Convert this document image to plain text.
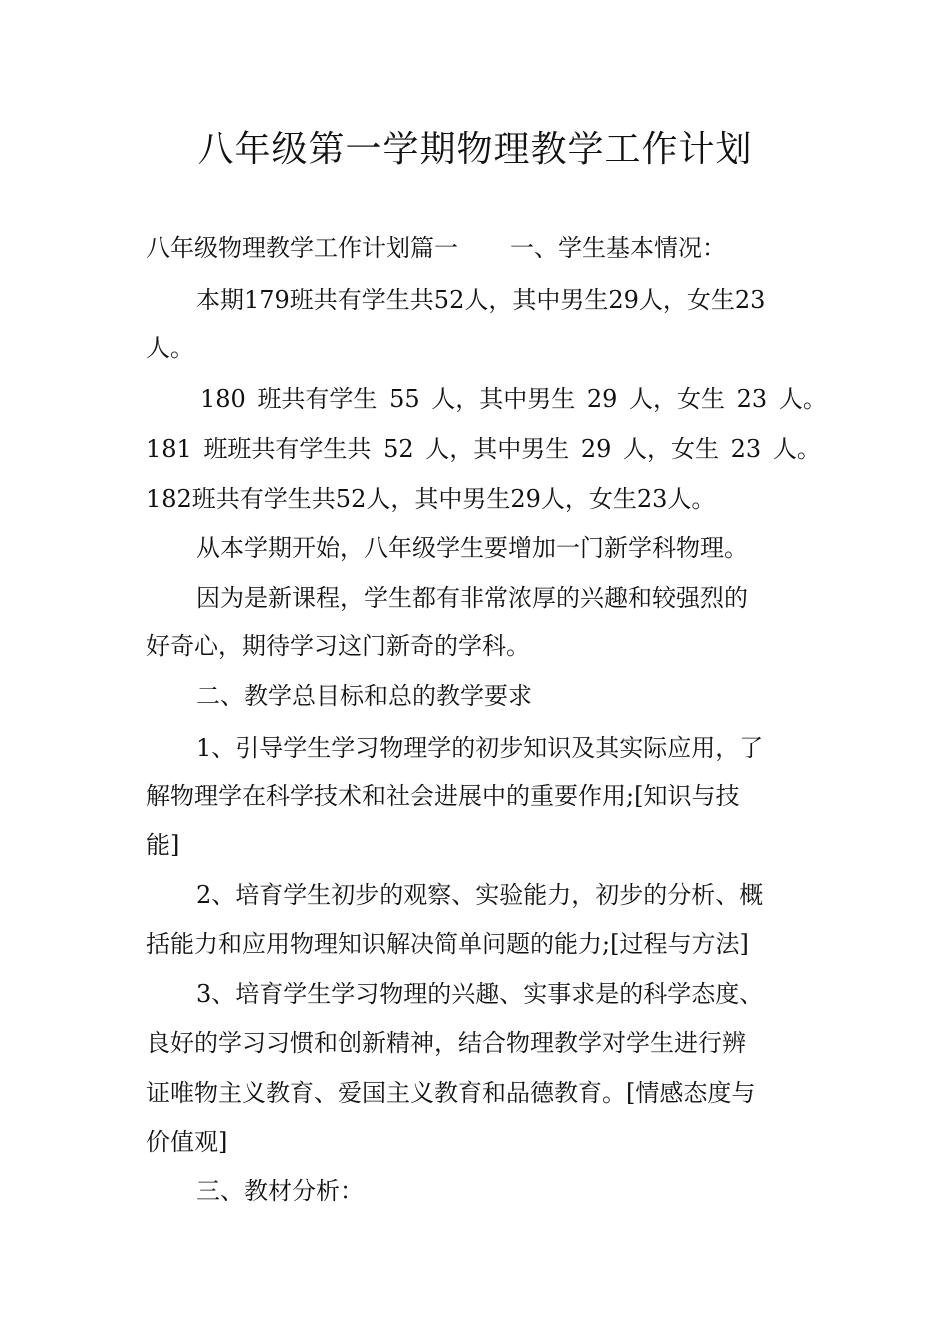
八年级第一学期物理教学工作计划
八年级物理教学工作计划篇一 一、学生基本情况：
本期179班共有学生共52人，其中男生29人，女生23
人。
180 班共有学生 55 人，其中男生 29 人，女生 23 人。
181 班班共有学生共 52 人，其中男生 29 人，女生 23 人。
182班共有学生共52人，其中男生29人，女生23人。
从本学期开始，八年级学生要增加一门新学科物理。
因为是新课程，学生都有非常浓厚的兴趣和较强烈的
好奇心，期待学习这门新奇的学科。
二、教学总目标和总的教学要求
1、引导学生学习物理学的初步知识及其实际应用，了
解物理学在科学技术和社会进展中的重要作用;[知识与技
能]
2、培育学生初步的观察、实验能力，初步的分析、概
括能力和应用物理知识解决简单问题的能力;[过程与方法]
3、培育学生学习物理的兴趣、实事求是的科学态度、
良好的学习习惯和创新精神，结合物理教学对学生进行辨
证唯物主义教育、爱国主义教育和品德教育。[情感态度与
价值观]
三、教材分析：
